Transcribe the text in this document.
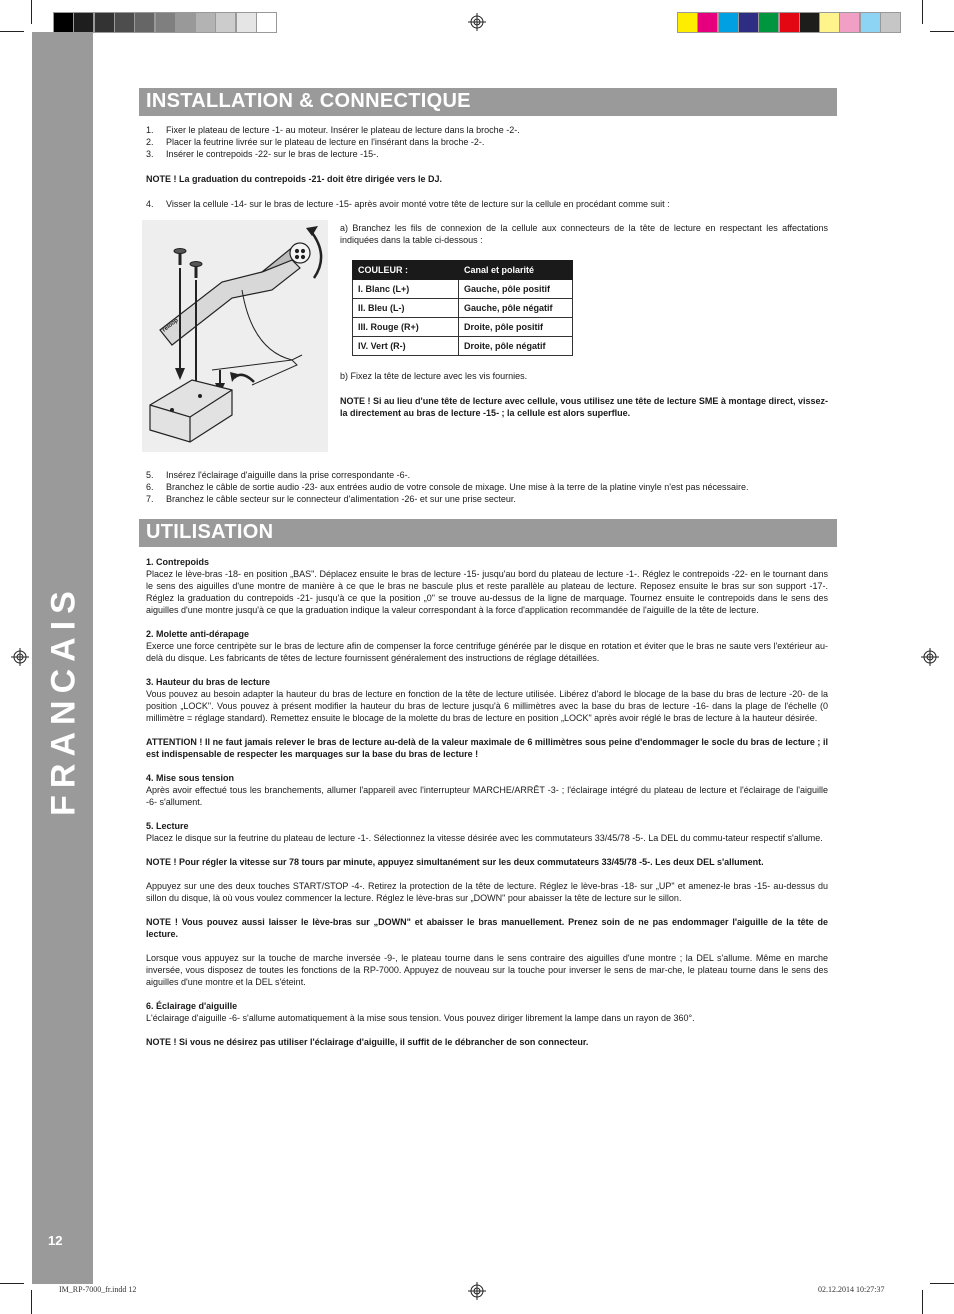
FRANCAIS
12
INSTALLATION & CONNECTIQUE
1. Fixer le plateau de lecture -1- au moteur. Insérer le plateau de lecture dans la broche -2-.
2. Placer la feutrine livrée sur le plateau de lecture en l'insérant dans la broche -2-.
3. Insérer le contrepoids -22- sur le bras de lecture -15-.
NOTE ! La graduation du contrepoids -21- doit être dirigée vers le DJ.
4. Visser la cellule -14- sur le bras de lecture -15- après avoir monté votre tête de lecture sur la cellule en procédant comme suit :
reloop
a) Branchez les fils de connexion de la cellule aux connecteurs de la tête de lecture en respectant les affectations indiquées dans la table ci-dessous :
COULEUR :	Canal et polarité
I. Blanc (L+)	Gauche, pôle positif
II. Bleu (L-)	Gauche, pôle négatif
III. Rouge (R+)	Droite, pôle positif
IV. Vert (R-)	Droite, pôle négatif
b) Fixez la tête de lecture avec les vis fournies.
NOTE ! Si au lieu d'une tête de lecture avec cellule, vous utilisez une tête de lecture SME à montage direct, vissez-la directement au bras de lecture -15- ; la cellule est alors superflue.
5. Insérez l'éclairage d'aiguille dans la prise correspondante -6-.
6. Branchez le câble de sortie audio -23- aux entrées audio de votre console de mixage. Une mise à la terre de la platine vinyle n'est pas nécessaire.
7. Branchez le câble secteur sur le connecteur d'alimentation -26- et sur une prise secteur.
UTILISATION
1. Contrepoids
Placez le lève-bras -18- en position „BAS". Déplacez ensuite le bras de lecture -15- jusqu'au bord du plateau de lecture -1-. Réglez le contrepoids -22- en le tournant dans le sens des aiguilles d'une montre de manière à ce que le bras ne bascule plus et reste parallèle au plateau de lecture. Reposez ensuite le bras sur son support -17-. Réglez la graduation du contrepoids -21- jusqu'à ce que la position „0" se trouve au-dessus de la ligne de marquage. Tournez ensuite le contrepoids dans le sens des aiguilles d'une montre jusqu'à ce que la graduation indique la valeur correspondant à la force d'application recommandée de l'aiguille de la tête de lecture.
2. Molette anti-dérapage
Exerce une force centripète sur le bras de lecture afin de compenser la force centrifuge générée par le disque en rotation et éviter que le bras ne saute vers l'extérieur au-delà du disque. Les fabricants de têtes de lecture fournissent généralement des instructions de réglage détaillées.
3. Hauteur du bras de lecture
Vous pouvez au besoin adapter la hauteur du bras de lecture en fonction de la tête de lecture utilisée. Libérez d'abord le blocage de la base du bras de lecture -20- de la position „LOCK". Vous pouvez à présent modifier la hauteur du bras de lecture jusqu'à 6 millimètres avec la base du bras de lecture -16- dans la plage de l'échelle (0 millimètre = réglage standard). Remettez ensuite le blocage de la molette du bras de lecture en position „LOCK" après avoir réglé le bras de lecture à la hauteur désirée.
ATTENTION ! Il ne faut jamais relever le bras de lecture au-delà de la valeur maximale de 6 millimètres sous peine d'endommager le socle du bras de lecture ; il est indispensable de respecter les marquages sur la base du bras de lecture !
4. Mise sous tension
Après avoir effectué tous les branchements, allumer l'appareil avec l'interrupteur MARCHE/ARRÊT -3- ; l'éclairage intégré du plateau de lecture et l'éclairage de l'aiguille -6- s'allument.
5. Lecture
Placez le disque sur la feutrine du plateau de lecture -1-. Sélectionnez la vitesse désirée avec les commutateurs 33/45/78 -5-. La DEL du commu-tateur respectif s'allume.
NOTE ! Pour régler la vitesse sur 78 tours par minute, appuyez simultanément sur les deux commutateurs 33/45/78 -5-. Les deux DEL s'allument.
Appuyez sur une des deux touches START/STOP -4-. Retirez la protection de la tête de lecture. Réglez le lève-bras -18- sur „UP" et amenez-le bras -15- au-dessus du sillon du disque, là où vous voulez commencer la lecture. Réglez le lève-bras sur „DOWN" pour abaisser la tête de lecture sur le sillon.
NOTE ! Vous pouvez aussi laisser le lève-bras sur „DOWN" et abaisser le bras manuellement. Prenez soin de ne pas endommager l'aiguille de la tête de lecture.
Lorsque vous appuyez sur la touche de marche inversée -9-, le plateau tourne dans le sens contraire des aiguilles d'une montre ; la DEL s'allume. Même en marche inversée, vous disposez de toutes les fonctions de la RP-7000. Appuyez de nouveau sur la touche pour inverser le sens de mar-che, le plateau tourne dans le sens des aiguilles d'une montre et la DEL s'éteint.
6. Éclairage d'aiguille
L'éclairage d'aiguille -6- s'allume automatiquement à la mise sous tension. Vous pouvez diriger librement la lampe dans un rayon de 360°.
NOTE ! Si vous ne désirez pas utiliser l'éclairage d'aiguille, il suffit de le débrancher de son connecteur.
IM_RP-7000_fr.indd 12	02.12.2014 10:27:37
